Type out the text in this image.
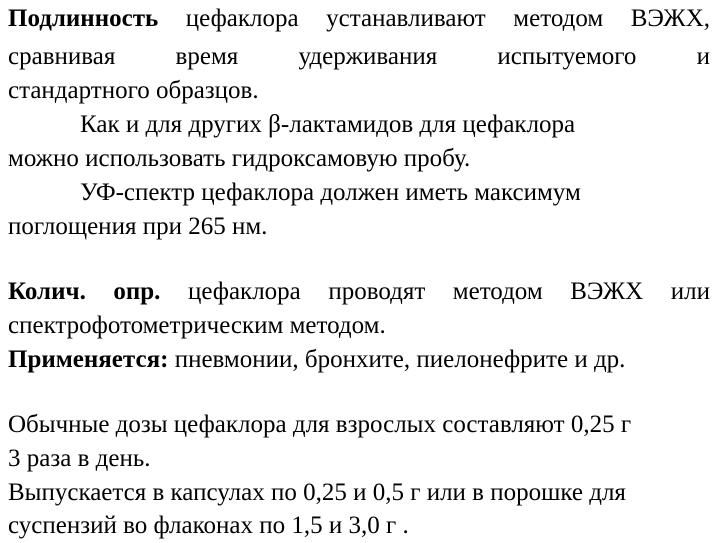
Подлинность цефаклора устанавливают методом ВЭЖХ,
сравнивая время удерживания испытуемого и
стандартного образцов.
Как и для других β-лактамидов для цефаклора
можно использовать гидроксамовую пробу.
УФ-спектр цефаклора должен иметь максимум
поглощения при 265 нм.
Колич. опр. цефаклора проводят методом ВЭЖХ или
спектрофотометрическим методом.
Применяется: пневмонии, бронхите, пиелонефрите и др.
Обычные дозы цефаклора для взрослых составляют 0,25 г
3 раза в день.
Выпускается в капсулах по 0,25 и 0,5 г или в порошке для
суспензий во флаконах по 1,5 и 3,0 г .
